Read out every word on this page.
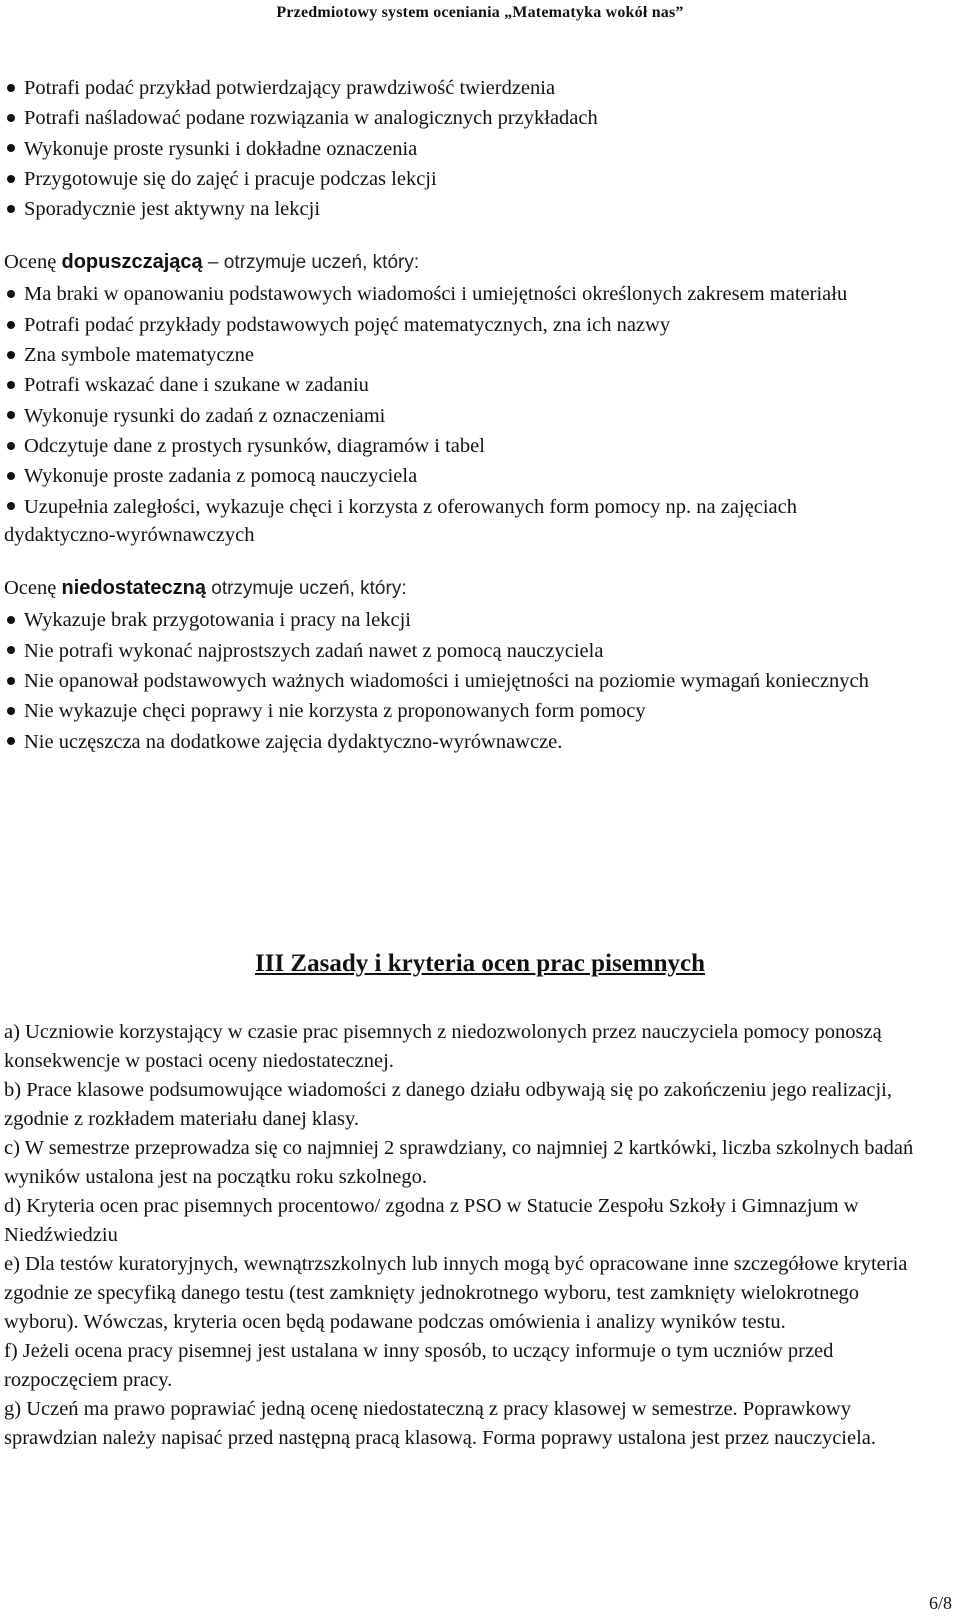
Przedmiotowy system oceniania „Matematyka wokół nas”
Potrafi podać przykład potwierdzający prawdziwość twierdzenia
Potrafi naśladować podane rozwiązania w analogicznych przykładach
Wykonuje proste rysunki i dokładne oznaczenia
Przygotowuje się do zajęć i pracuje podczas lekcji
Sporadycznie jest aktywny na lekcji
Ocenę dopuszczającą – otrzymuje uczeń, który:
Ma braki w opanowaniu podstawowych wiadomości i umiejętności określonych zakresem materiału
Potrafi podać przykłady podstawowych pojęć matematycznych, zna ich nazwy
Zna symbole matematyczne
Potrafi wskazać dane i szukane w zadaniu
Wykonuje rysunki do zadań z oznaczeniami
Odczytuje dane z prostych rysunków, diagramów i tabel
Wykonuje proste zadania z pomocą nauczyciela
Uzupełnia zaległości, wykazuje chęci i korzysta z oferowanych form pomocy np. na zajęciach dydaktyczno-wyrównawczych
Ocenę niedostateczną otrzymuje uczeń, który:
Wykazuje brak przygotowania i pracy na lekcji
Nie potrafi wykonać najprostszych zadań nawet z pomocą nauczyciela
Nie opanował podstawowych ważnych wiadomości i umiejętności na poziomie wymagań koniecznych
Nie wykazuje chęci poprawy i nie korzysta z proponowanych form pomocy
Nie uczęszcza na dodatkowe zajęcia dydaktyczno-wyrównawcze.
III Zasady i kryteria ocen prac pisemnych

a) Uczniowie korzystający w czasie prac pisemnych z niedozwolonych przez nauczyciela pomocy ponoszą konsekwencje w postaci oceny niedostatecznej.

b) Prace klasowe podsumowujące wiadomości z danego działu odbywają się po zakończeniu jego realizacji, zgodnie z rozkładem materiału danej klasy.

c) W semestrze przeprowadza się co najmniej 2 sprawdziany, co najmniej 2 kartkówki, liczba szkolnych badań wyników ustalona jest na początku roku szkolnego.

d) Kryteria ocen prac pisemnych procentowo/ zgodna z PSO w Statucie Zespołu Szkoły i Gimnazjum w Niedźwiedziu

e) Dla testów kuratoryjnych, wewnątrzszkolnych lub innych mogą być opracowane inne szczegółowe kryteria zgodnie ze specyfiką danego testu (test zamknięty jednokrotnego wyboru, test zamknięty wielokrotnego wyboru). Wówczas, kryteria ocen będą podawane podczas omówienia i analizy wyników testu.

f) Jeżeli ocena pracy pisemnej jest ustalana w inny sposób, to uczący informuje o tym uczniów przed rozpoczęciem pracy.

g) Uczeń ma prawo poprawiać jedną ocenę niedostateczną z pracy klasowej w semestrze. Poprawkowy sprawdzian należy napisać przed następną pracą klasową. Forma poprawy ustalona jest przez nauczyciela.

6/8
